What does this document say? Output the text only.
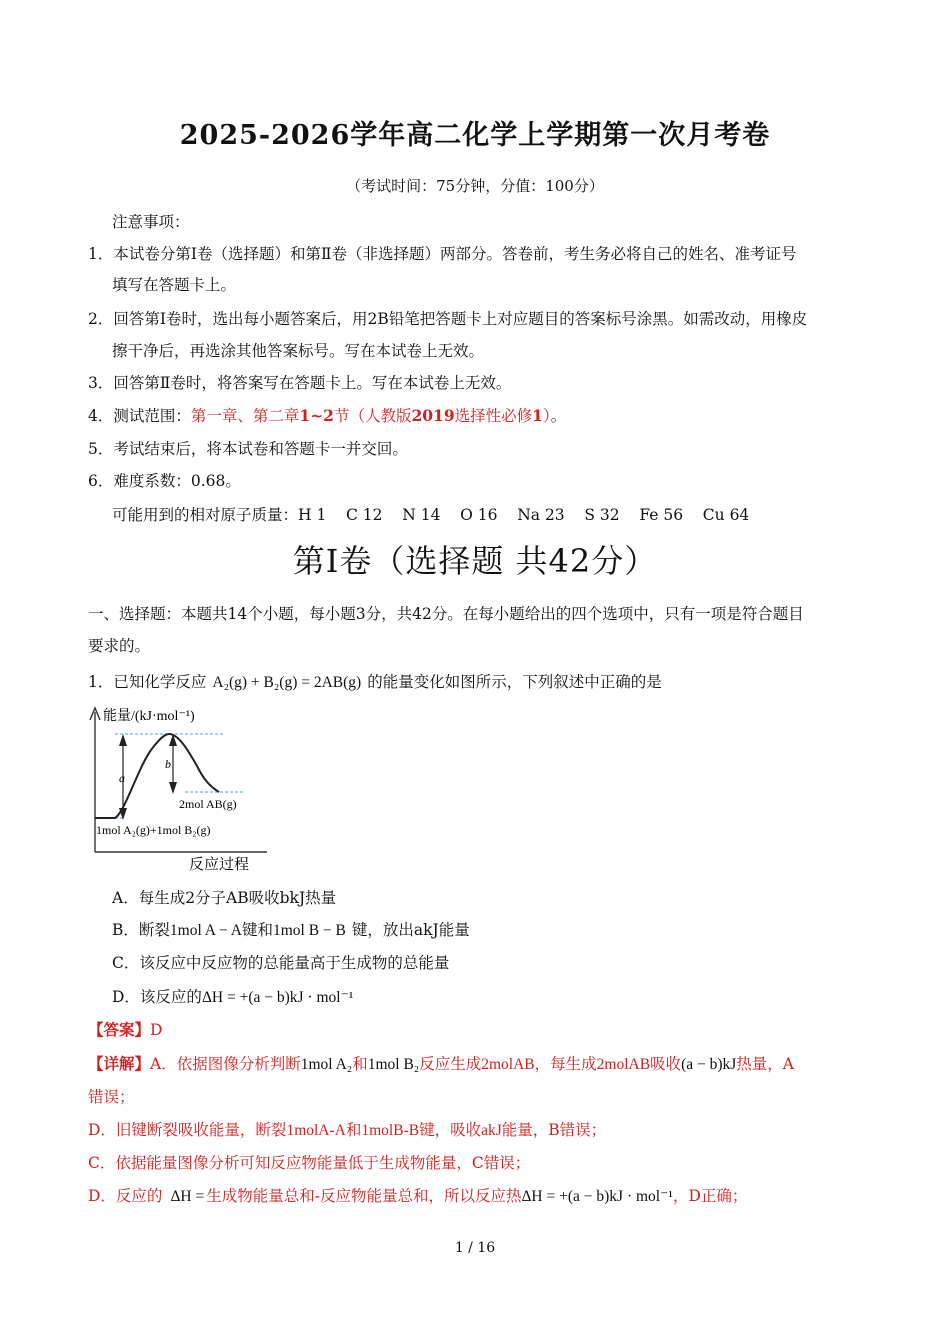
2025-2026学年高二化学上学期第一次月考卷
（考试时间：75分钟，分值：100分）
注意事项：
1．本试卷分第Ⅰ卷（选择题）和第Ⅱ卷（非选择题）两部分。答卷前，考生务必将自己的姓名、准考证号
填写在答题卡上。
2．回答第Ⅰ卷时，选出每小题答案后，用2B铅笔把答题卡上对应题目的答案标号涂黑。如需改动，用橡皮
擦干净后，再选涂其他答案标号。写在本试卷上无效。
3．回答第Ⅱ卷时，将答案写在答题卡上。写在本试卷上无效。
4．测试范围：第一章、第二章1~2节（人教版2019选择性必修1）。
5．考试结束后，将本试卷和答题卡一并交回。
6．难度系数：0.68。
可能用到的相对原子质量：H 1    C 12    N 14    O 16    Na 23    S 32    Fe 56    Cu 64
第Ⅰ卷（选择题 共42分）
一、选择题：本题共14个小题，每小题3分，共42分。在每小题给出的四个选项中，只有一项是符合题目
要求的。
1．已知化学反应 A₂(g) + B₂(g) = 2AB(g) 的能量变化如图所示，下列叙述中正确的是
能量/(kJ·mol⁻¹)
反应过程
a
b
2mol AB(g)
1mol A₂(g)+1mol B₂(g)
A．每生成2分子AB吸收bkJ热量
B．断裂1mol A − A键和1mol B − B 键，放出akJ能量
C．该反应中反应物的总能量高于生成物的总能量
D．该反应的ΔH = +(a − b)kJ · mol⁻¹
【答案】D
【详解】A．依据图像分析判断1mol A₂和1mol B₂反应生成2molAB，每生成2molAB吸收(a − b)kJ热量，A
错误；
D．旧键断裂吸收能量，断裂1molA-A和1molB-B键，吸收akJ能量，B错误；
C．依据能量图像分析可知反应物能量低于生成物能量，C错误；
D．反应的 ΔH = 生成物能量总和-反应物能量总和，所以反应热ΔH = +(a − b)kJ · mol⁻¹，D正确；
1 / 16
